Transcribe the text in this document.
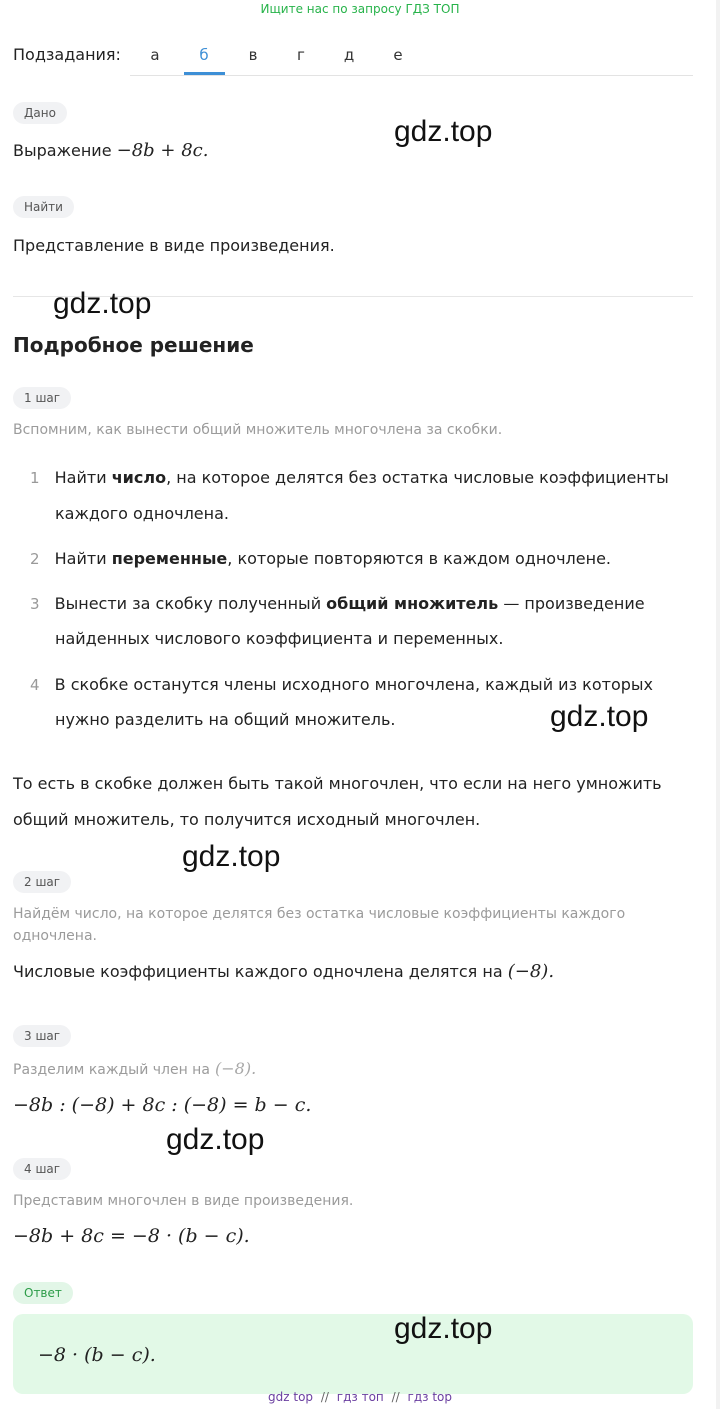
Ищите нас по запросу ГДЗ ТОП
Подзадания:	а	б	в	г	д	е
Дано
Выражение −8b + 8c.
Найти
Представление в виде произведения.
Подробное решение
1 шаг
Вспомним, как вынести общий множитель многочлена за скобки.
1 Найти число, на которое делятся без остатка числовые коэффициенты
каждого одночлена.
2 Найти переменные, которые повторяются в каждом одночлене.
3 Вынести за скобку полученный общий множитель — произведение
найденных числового коэффициента и переменных.
4 В скобке останутся члены исходного многочлена, каждый из которых
нужно разделить на общий множитель.
То есть в скобке должен быть такой многочлен, что если на него умножить
общий множитель, то получится исходный многочлен.
2 шаг
Найдём число, на которое делятся без остатка числовые коэффициенты каждого
одночлена.
Числовые коэффициенты каждого одночлена делятся на (−8).
3 шаг
Разделим каждый член на (−8).
−8b : (−8) + 8c : (−8) = b − c.
4 шаг
Представим многочлен в виде произведения.
−8b + 8c = −8 · (b − c).
Ответ
−8 · (b − c).
gdz.top
gdz.top
gdz.top
gdz.top
gdz.top
gdz.top
gdz top // гдз топ // гдз top
